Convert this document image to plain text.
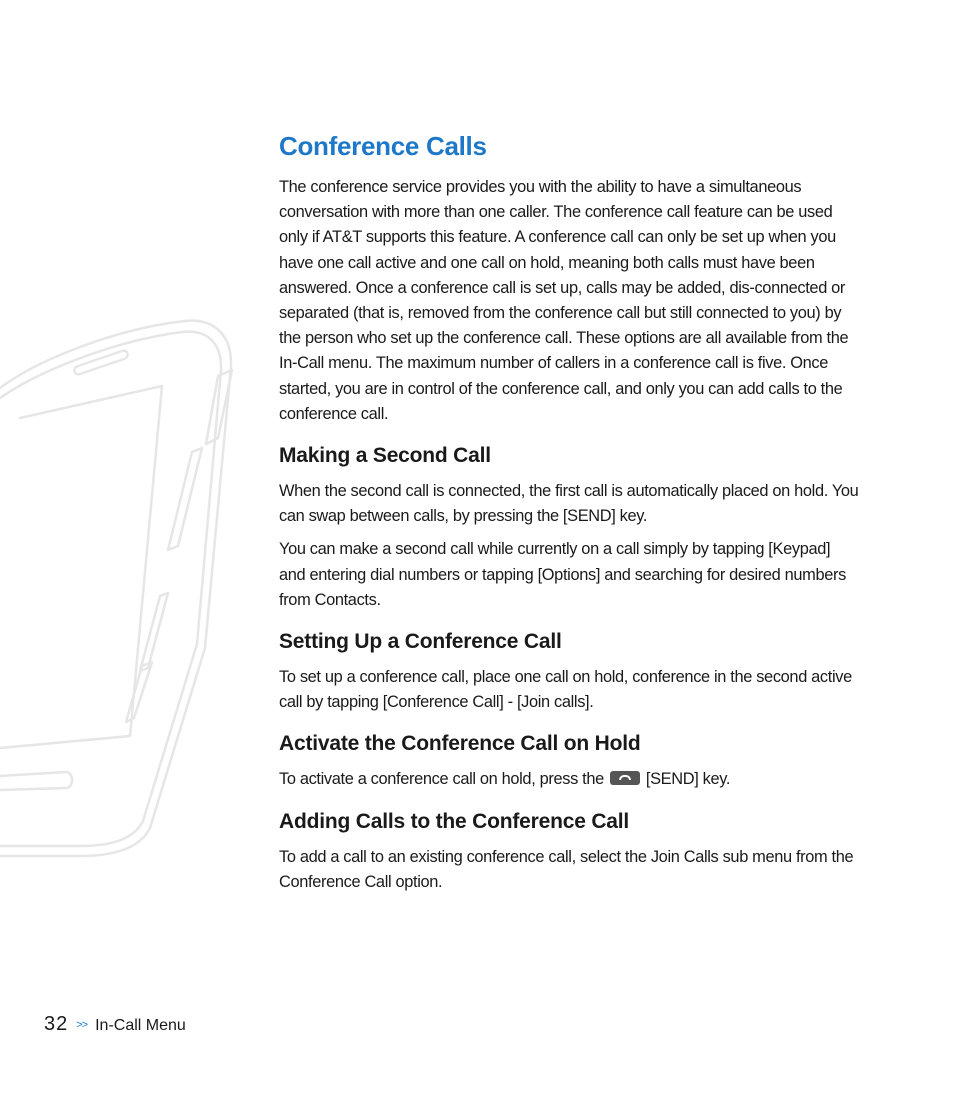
Conference Calls

The conference service provides you with the ability to have a simultaneous conversation with more than one caller. The conference call feature can be used only if AT&T supports this feature. A conference call can only be set up when you have one call active and one call on hold, meaning both calls must have been answered. Once a conference call is set up, calls may be added, dis-connected or separated (that is, removed from the conference call but still connected to you) by the person who set up the conference call. These options are all available from the In-Call menu. The maximum number of callers in a conference call is five. Once started, you are in control of the conference call, and only you can add calls to the conference call.

Making a Second Call

When the second call is connected, the first call is automatically placed on hold. You can swap between calls, by pressing the [SEND] key.

You can make a second call while currently on a call simply by tapping [Keypad] and entering dial numbers or tapping [Options] and searching for desired numbers from Contacts.

Setting Up a Conference Call

To set up a conference call, place one call on hold, conference in the second active call by tapping [Conference Call] - [Join calls].

Activate the Conference Call on Hold

To activate a conference call on hold, press the	[SEND] key.

Adding Calls to the Conference Call

To add a call to an existing conference call, select the Join Calls sub menu from the Conference Call option.

32 >> In-Call Menu
